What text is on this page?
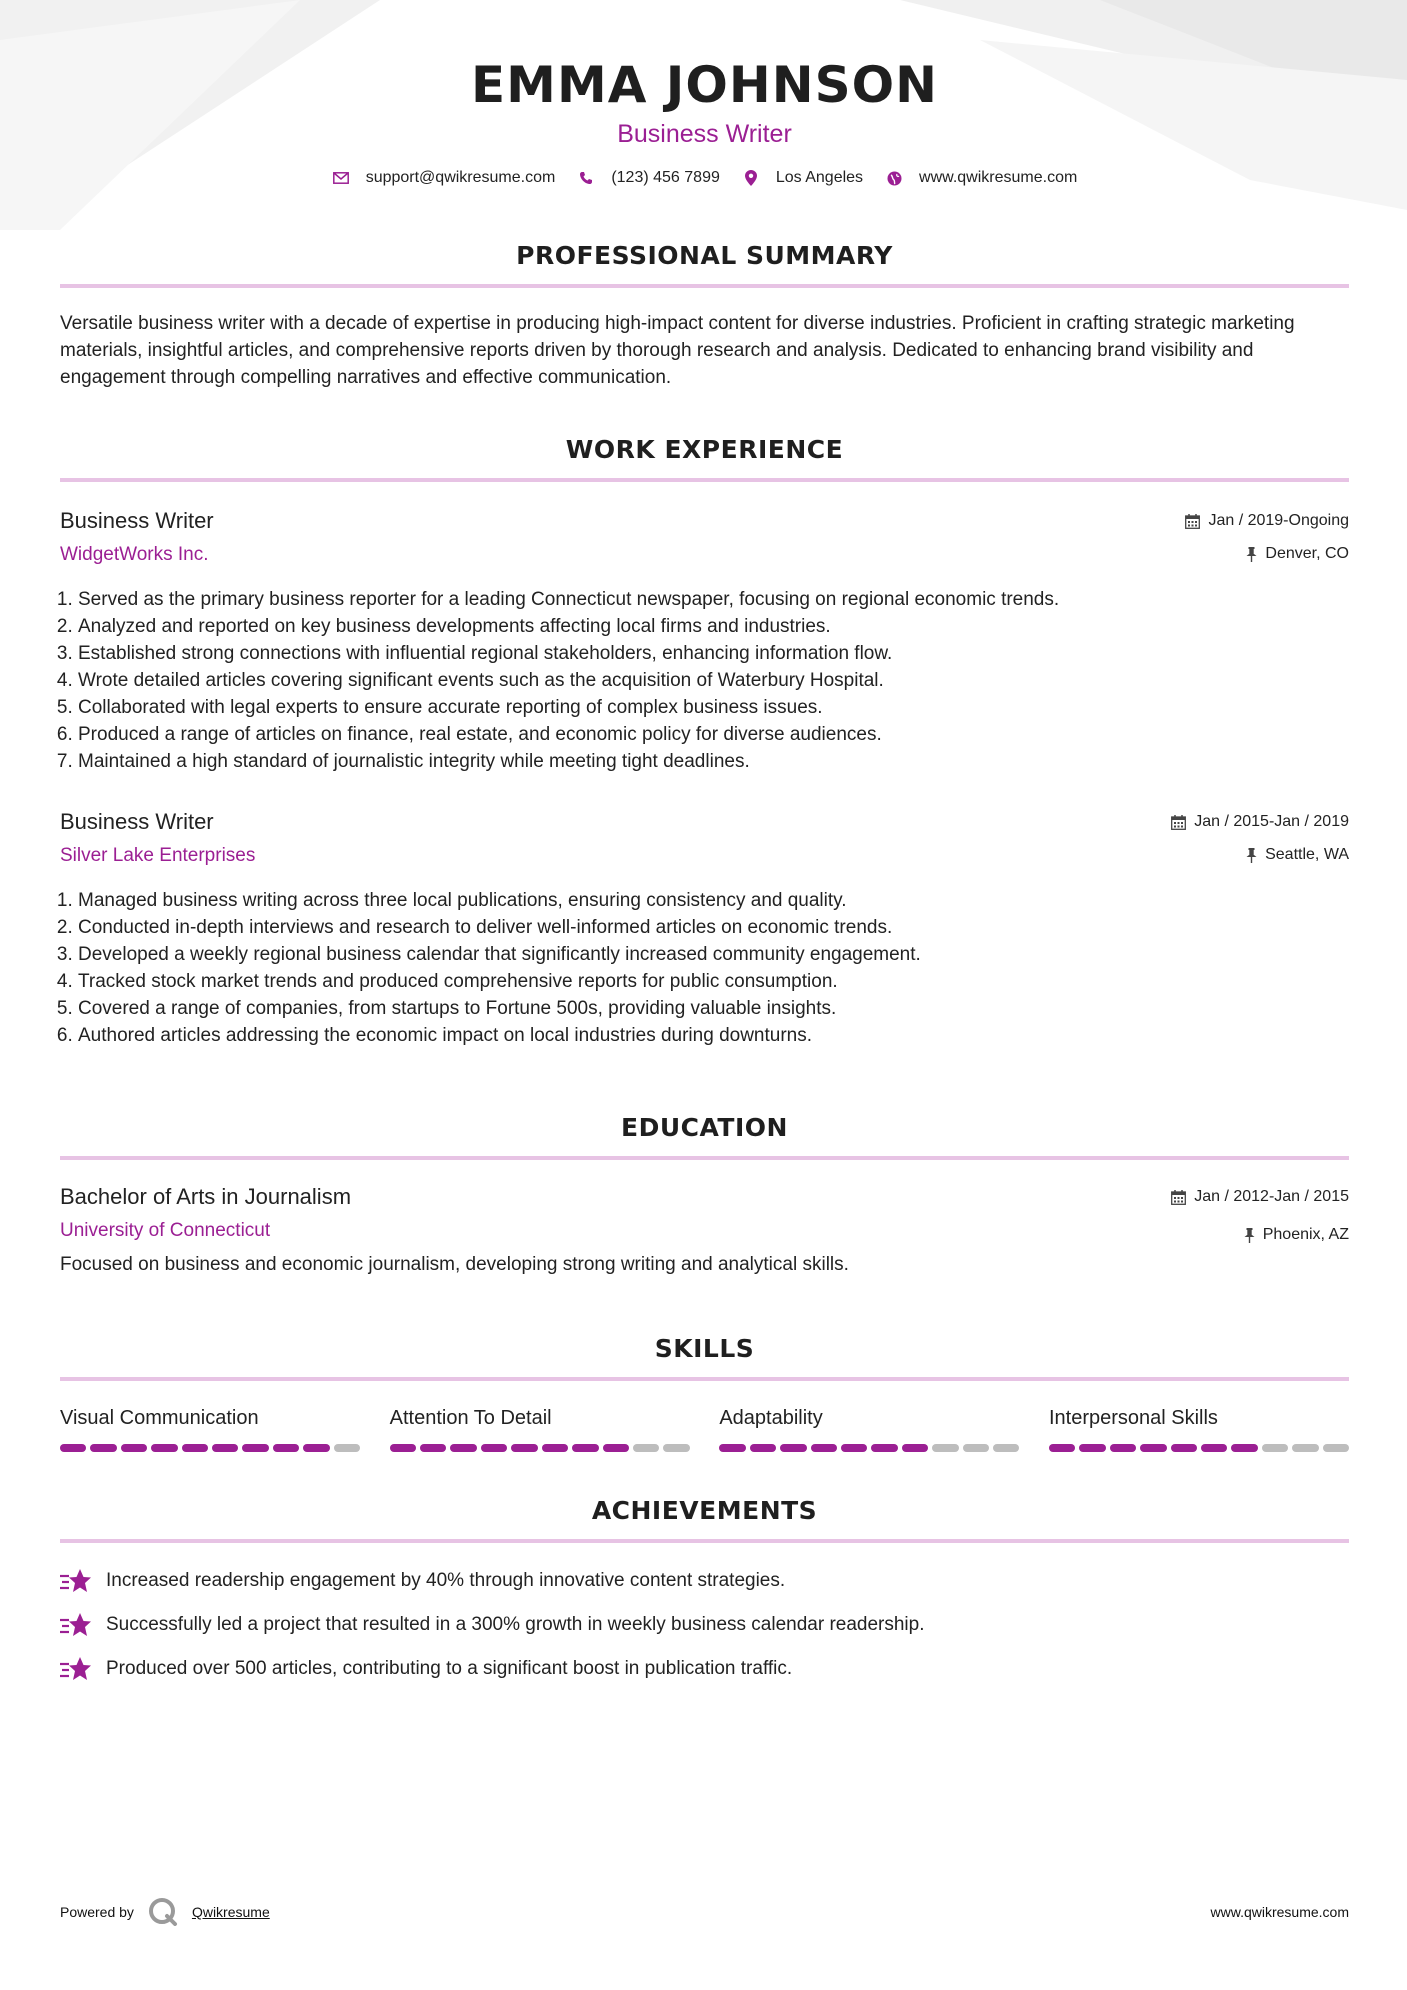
EMMA JOHNSON
Business Writer
support@qwikresume.com	(123) 456 7899	Los Angeles	www.qwikresume.com
PROFESSIONAL SUMMARY

Versatile business writer with a decade of expertise in producing high-impact content for diverse industries. Proficient in crafting strategic marketing materials, insightful articles, and comprehensive reports driven by thorough research and analysis. Dedicated to enhancing brand visibility and engagement through compelling narratives and effective communication.

WORK EXPERIENCE
Business Writer
WidgetWorks Inc.
Jan / 2019-Ongoing
Denver, CO
1. Served as the primary business reporter for a leading Connecticut newspaper, focusing on regional economic trends.
2. Analyzed and reported on key business developments affecting local firms and industries.
3. Established strong connections with influential regional stakeholders, enhancing information flow.
4. Wrote detailed articles covering significant events such as the acquisition of Waterbury Hospital.
5. Collaborated with legal experts to ensure accurate reporting of complex business issues.
6. Produced a range of articles on finance, real estate, and economic policy for diverse audiences.
7. Maintained a high standard of journalistic integrity while meeting tight deadlines.
Business Writer
Silver Lake Enterprises
Jan / 2015-Jan / 2019
Seattle, WA
1. Managed business writing across three local publications, ensuring consistency and quality.
2. Conducted in-depth interviews and research to deliver well-informed articles on economic trends.
3. Developed a weekly regional business calendar that significantly increased community engagement.
4. Tracked stock market trends and produced comprehensive reports for public consumption.
5. Covered a range of companies, from startups to Fortune 500s, providing valuable insights.
6. Authored articles addressing the economic impact on local industries during downturns.
EDUCATION
Bachelor of Arts in Journalism
University of Connecticut
Jan / 2012-Jan / 2015
Phoenix, AZ
Focused on business and economic journalism, developing strong writing and analytical skills.
SKILLS
Visual Communication	Attention To Detail	Adaptability	Interpersonal Skills
ACHIEVEMENTS
Increased readership engagement by 40% through innovative content strategies.
Successfully led a project that resulted in a 300% growth in weekly business calendar readership.
Produced over 500 articles, contributing to a significant boost in publication traffic.
Powered by	Qwikresume	www.qwikresume.com
